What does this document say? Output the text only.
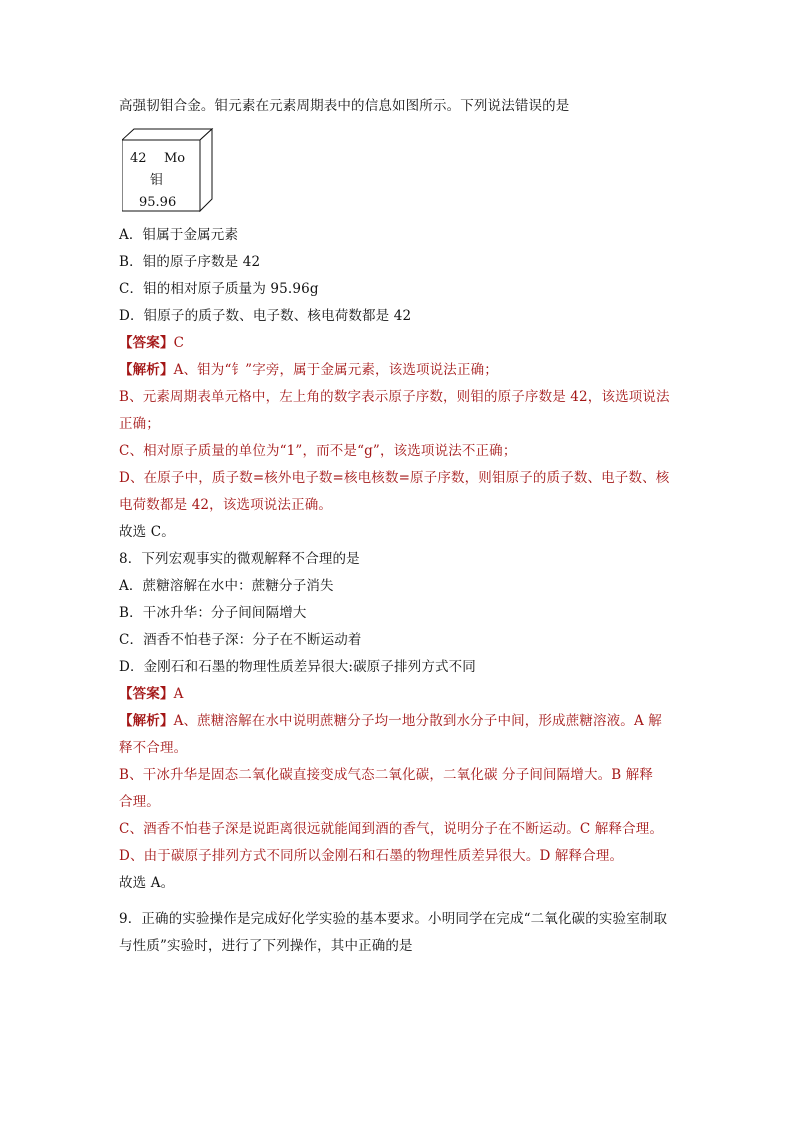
高强韧钼合金。钼元素在元素周期表中的信息如图所示。下列说法错误的是
42 Mo
钼
95.96
A．钼属于金属元素
B．钼的原子序数是 42
C．钼的相对原子质量为 95.96g
D．钼原子的质子数、电子数、核电荷数都是 42
【答案】C
【解析】A、钼为“钅”字旁，属于金属元素，该选项说法正确；
B、元素周期表单元格中，左上角的数字表示原子序数，则钼的原子序数是 42，该选项说法
正确；
C、相对原子质量的单位为“1”，而不是“g”，该选项说法不正确；
D、在原子中，质子数=核外电子数=核电核数=原子序数，则钼原子的质子数、电子数、核
电荷数都是 42，该选项说法正确。
故选 C。
8．下列宏观事实的微观解释不合理的是
A．蔗糖溶解在水中：蔗糖分子消失
B．干冰升华：分子间间隔增大
C．酒香不怕巷子深：分子在不断运动着
D．金刚石和石墨的物理性质差异很大:碳原子排列方式不同
【答案】A
【解析】A、蔗糖溶解在水中说明蔗糖分子均一地分散到水分子中间，形成蔗糖溶液。A 解
释不合理。
B、干冰升华是固态二氧化碳直接变成气态二氧化碳，二氧化碳 分子间间隔增大。B 解释
合理。
C、酒香不怕巷子深是说距离很远就能闻到酒的香气，说明分子在不断运动。C 解释合理。
D、由于碳原子排列方式不同所以金刚石和石墨的物理性质差异很大。D 解释合理。
故选 A。
9．正确的实验操作是完成好化学实验的基本要求。小明同学在完成“二氧化碳的实验室制取
与性质”实验时，进行了下列操作，其中正确的是
